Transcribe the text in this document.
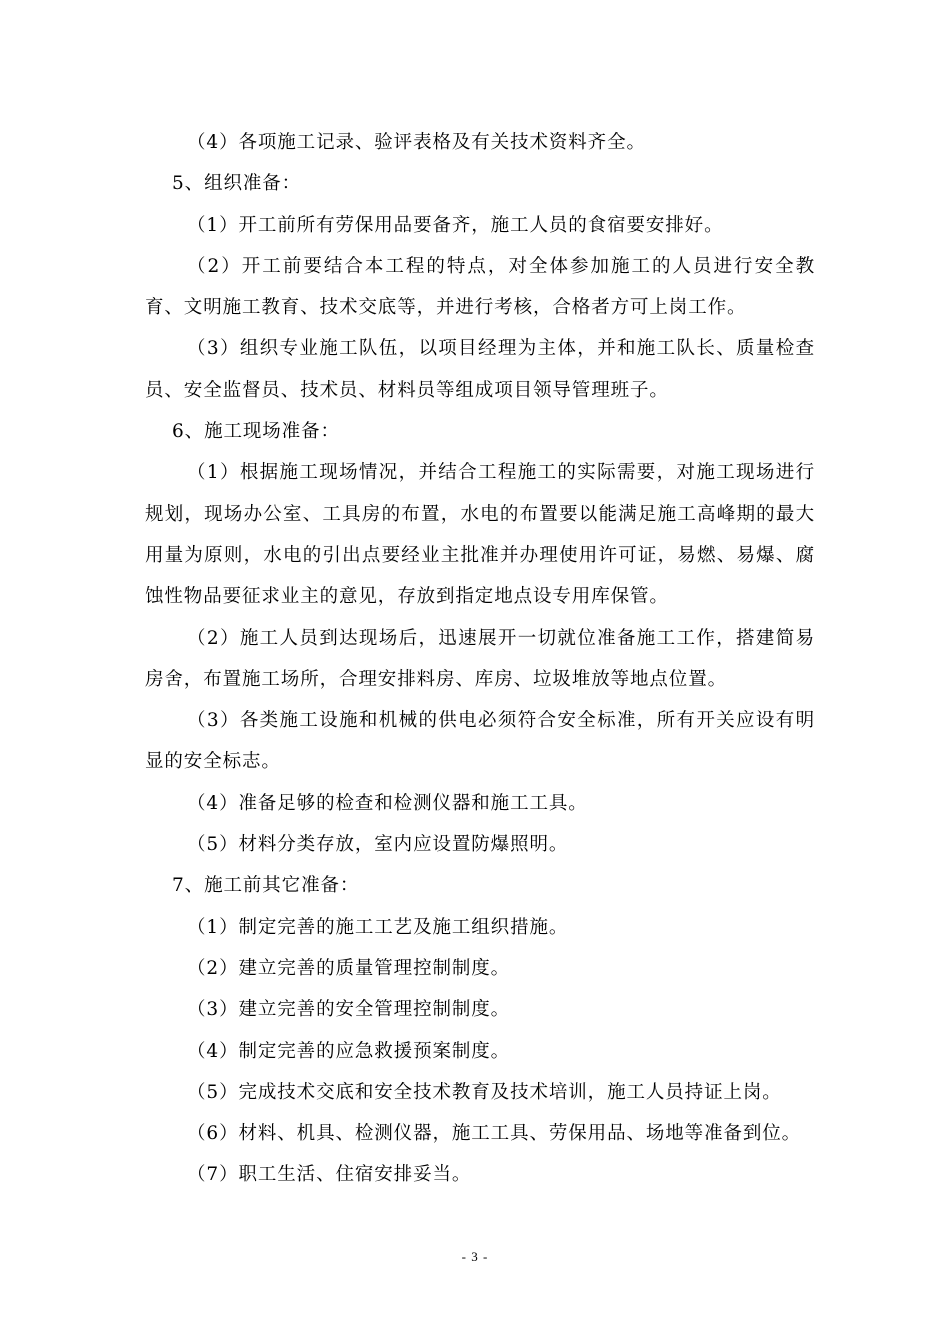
（4）各项施工记录、验评表格及有关技术资料齐全。

5、组织准备：

（1）开工前所有劳保用品要备齐，施工人员的食宿要安排好。

（2）开工前要结合本工程的特点，对全体参加施工的人员进行安全教育、文明施工教育、技术交底等，并进行考核，合格者方可上岗工作。

（3）组织专业施工队伍，以项目经理为主体，并和施工队长、质量检查员、安全监督员、技术员、材料员等组成项目领导管理班子。

6、施工现场准备：

（1）根据施工现场情况，并结合工程施工的实际需要，对施工现场进行规划，现场办公室、工具房的布置，水电的布置要以能满足施工高峰期的最大用量为原则，水电的引出点要经业主批准并办理使用许可证，易燃、易爆、腐蚀性物品要征求业主的意见，存放到指定地点设专用库保管。

（2）施工人员到达现场后，迅速展开一切就位准备施工工作，搭建简易房舍，布置施工场所，合理安排料房、库房、垃圾堆放等地点位置。

（3）各类施工设施和机械的供电必须符合安全标准，所有开关应设有明显的安全标志。

（4）准备足够的检查和检测仪器和施工工具。

（5）材料分类存放，室内应设置防爆照明。

7、施工前其它准备：

（1）制定完善的施工工艺及施工组织措施。

（2）建立完善的质量管理控制制度。

（3）建立完善的安全管理控制制度。

（4）制定完善的应急救援预案制度。

（5）完成技术交底和安全技术教育及技术培训，施工人员持证上岗。

（6）材料、机具、检测仪器，施工工具、劳保用品、场地等准备到位。

（7）职工生活、住宿安排妥当。

- 3 -
